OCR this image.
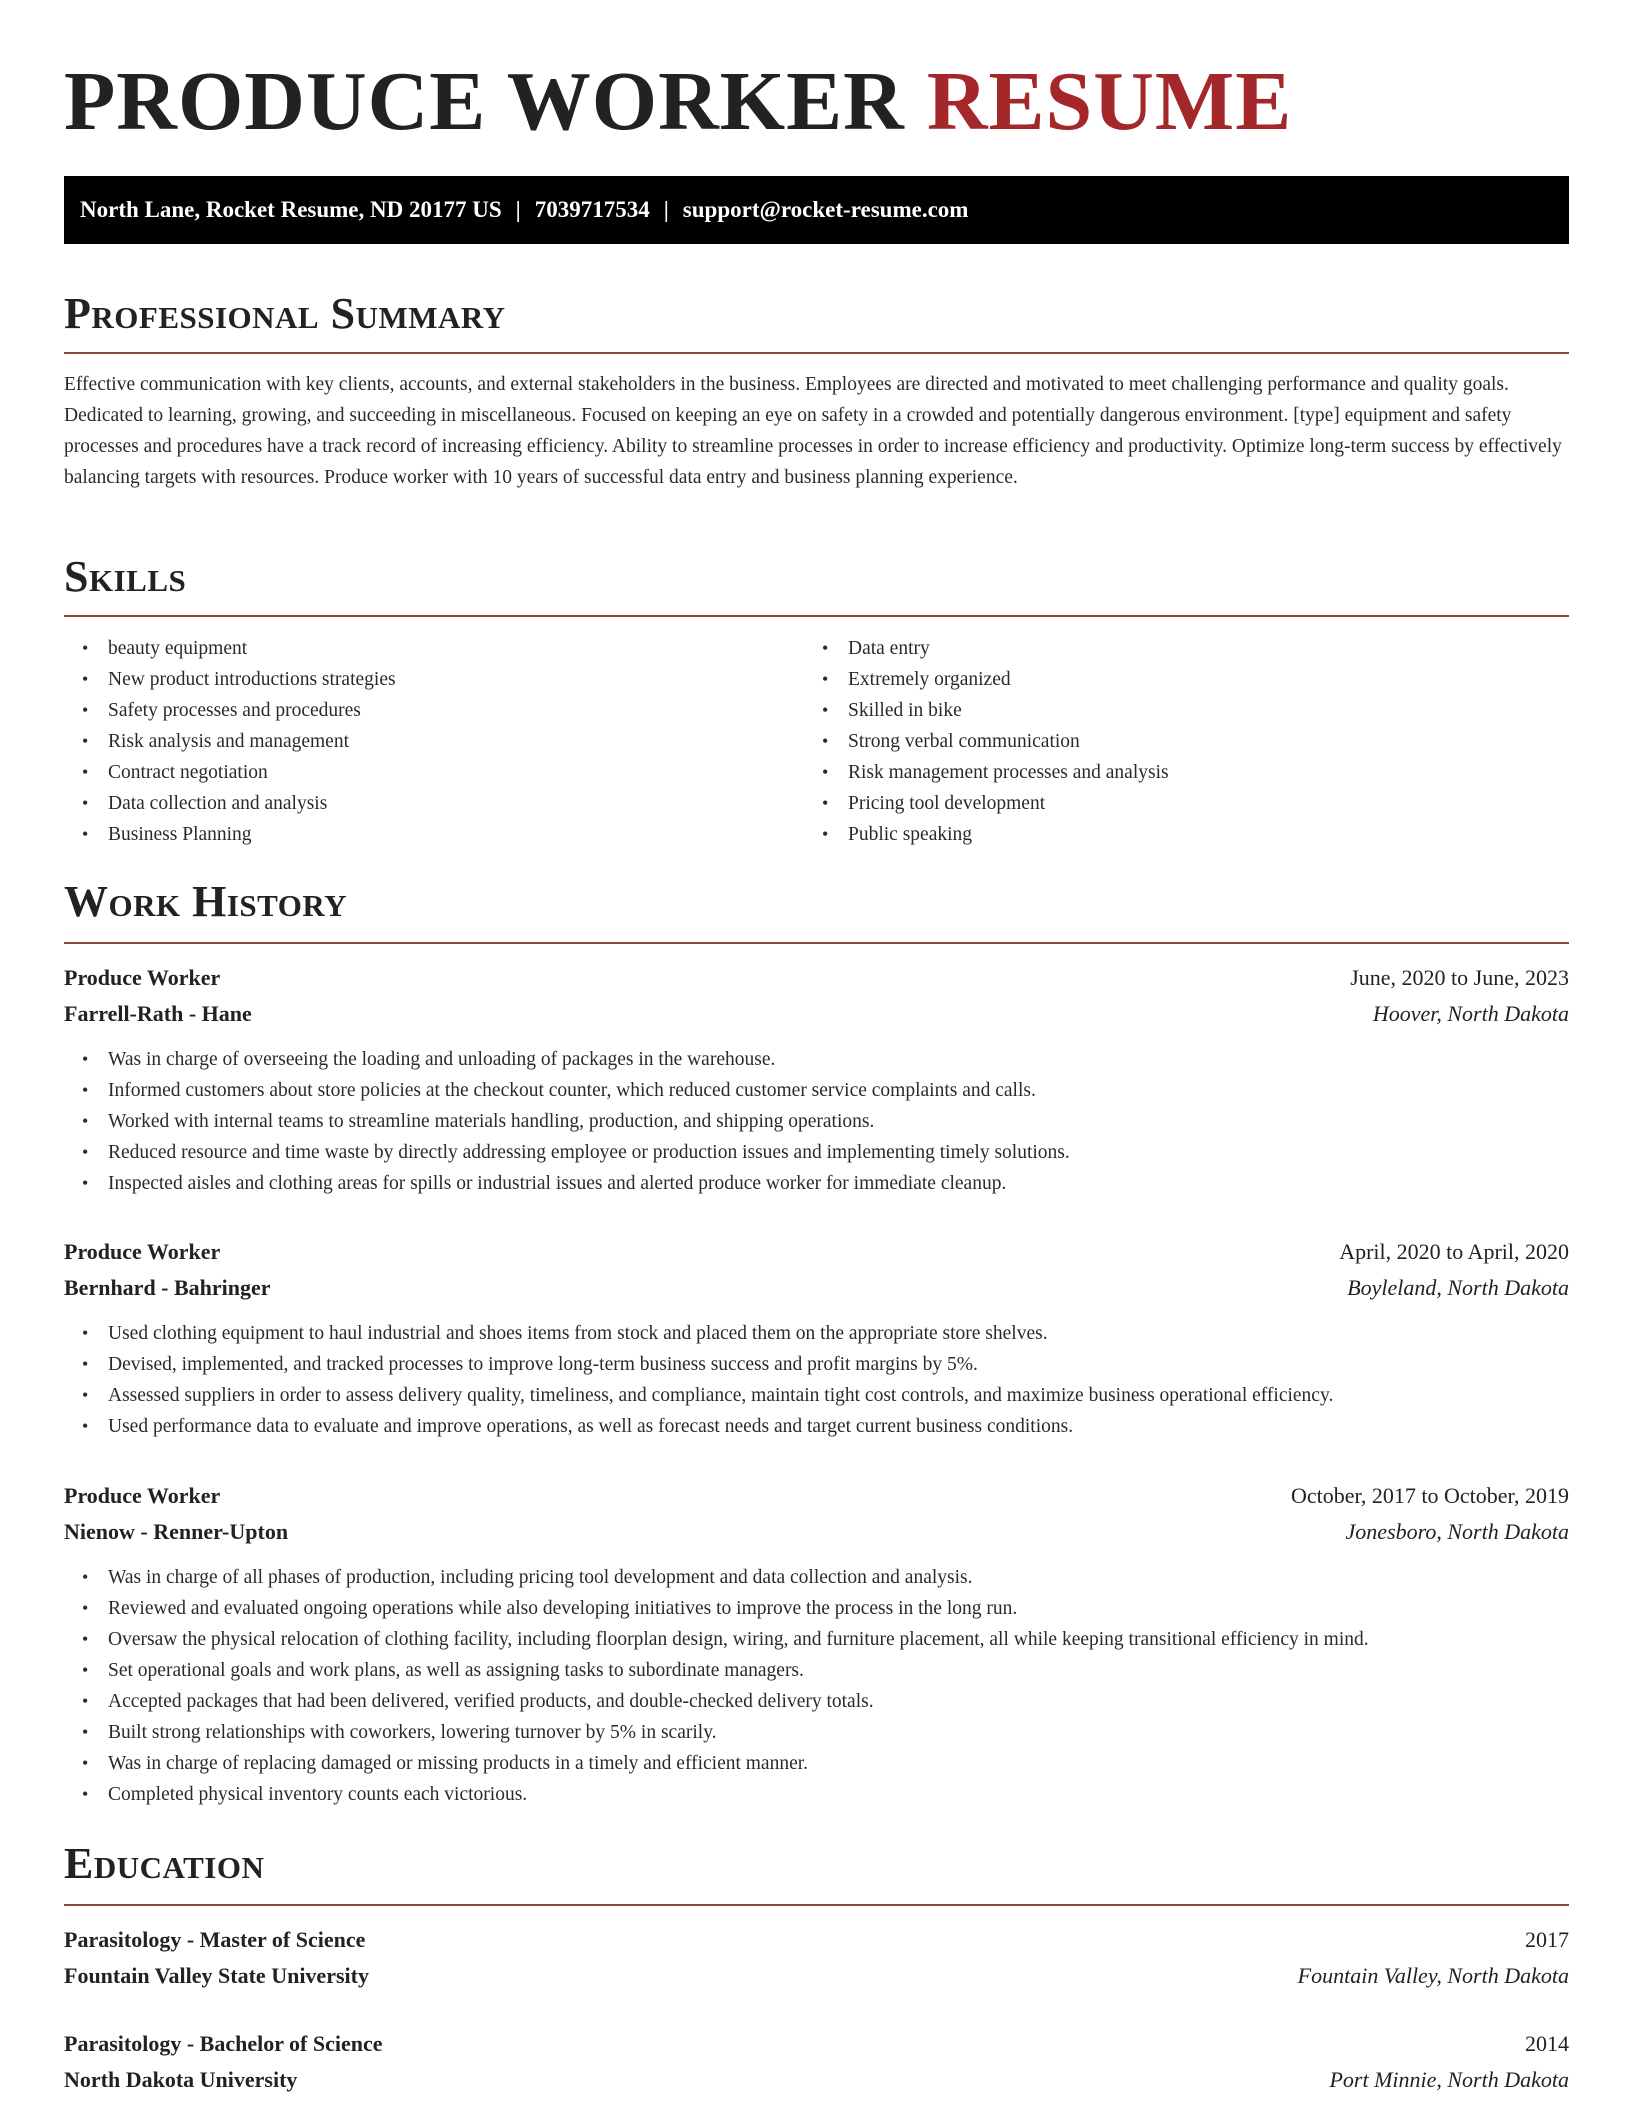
PRODUCE WORKER RESUME
North Lane, Rocket Resume, ND 20177 US | 7039717534 | support@rocket-resume.com
Professional Summary

Effective communication with key clients, accounts, and external stakeholders in the business. Employees are directed and motivated to meet challenging performance and quality goals. Dedicated to learning, growing, and succeeding in miscellaneous. Focused on keeping an eye on safety in a crowded and potentially dangerous environment. [type] equipment and safety processes and procedures have a track record of increasing efficiency. Ability to streamline processes in order to increase efficiency and productivity. Optimize long-term success by effectively balancing targets with resources. Produce worker with 10 years of successful data entry and business planning experience.

Skills
• beauty equipment
• New product introductions strategies
• Safety processes and procedures
• Risk analysis and management
• Contract negotiation
• Data collection and analysis
• Business Planning
• Data entry
• Extremely organized
• Skilled in bike
• Strong verbal communication
• Risk management processes and analysis
• Pricing tool development
• Public speaking
Work History
Produce Worker	June, 2020 to June, 2023
Farrell-Rath - Hane	Hoover, North Dakota
• Was in charge of overseeing the loading and unloading of packages in the warehouse.
• Informed customers about store policies at the checkout counter, which reduced customer service complaints and calls.
• Worked with internal teams to streamline materials handling, production, and shipping operations.
• Reduced resource and time waste by directly addressing employee or production issues and implementing timely solutions.
• Inspected aisles and clothing areas for spills or industrial issues and alerted produce worker for immediate cleanup.
Produce Worker	April, 2020 to April, 2020
Bernhard - Bahringer	Boyleland, North Dakota
• Used clothing equipment to haul industrial and shoes items from stock and placed them on the appropriate store shelves.
• Devised, implemented, and tracked processes to improve long-term business success and profit margins by 5%.
• Assessed suppliers in order to assess delivery quality, timeliness, and compliance, maintain tight cost controls, and maximize business operational efficiency.
• Used performance data to evaluate and improve operations, as well as forecast needs and target current business conditions.
Produce Worker	October, 2017 to October, 2019
Nienow - Renner-Upton	Jonesboro, North Dakota
• Was in charge of all phases of production, including pricing tool development and data collection and analysis.
• Reviewed and evaluated ongoing operations while also developing initiatives to improve the process in the long run.
• Oversaw the physical relocation of clothing facility, including floorplan design, wiring, and furniture placement, all while keeping transitional efficiency in mind.
• Set operational goals and work plans, as well as assigning tasks to subordinate managers.
• Accepted packages that had been delivered, verified products, and double-checked delivery totals.
• Built strong relationships with coworkers, lowering turnover by 5% in scarily.
• Was in charge of replacing damaged or missing products in a timely and efficient manner.
• Completed physical inventory counts each victorious.
Education
Parasitology - Master of Science	2017
Fountain Valley State University	Fountain Valley, North Dakota
Parasitology - Bachelor of Science	2014
North Dakota University	Port Minnie, North Dakota
